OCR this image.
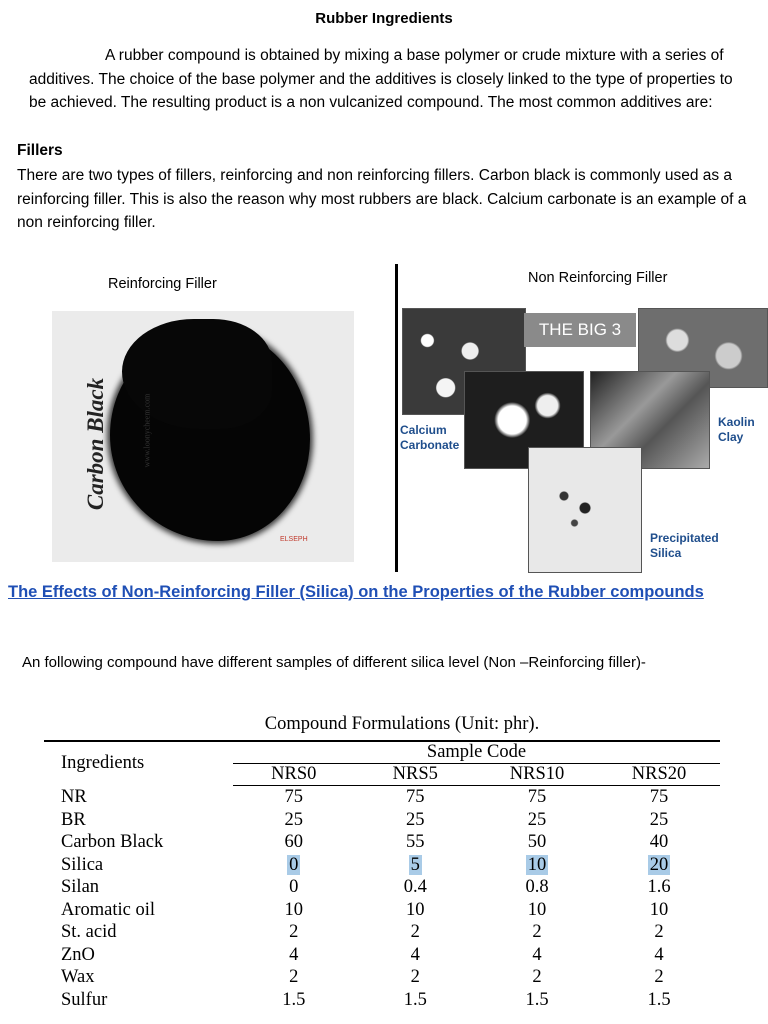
Rubber Ingredients
A rubber compound is obtained by mixing a base polymer or crude mixture with a series of additives. The choice of the base polymer and the additives is closely linked to the type of properties to be achieved. The resulting product is a non vulcanized compound. The most common additives are:
Fillers
There are two types of fillers, reinforcing and non reinforcing fillers. Carbon black is commonly used as a reinforcing filler. This is also the reason why most rubbers are black. Calcium carbonate is an example of a non reinforcing filler.
Reinforcing Filler	Non Reinforcing Filler
Carbon Black	www.loonycheem.com
ELSEPH
THE BIG 3
Calcium Carbonate
Kaolin Clay
Precipitated Silica
The Effects of Non-Reinforcing Filler (Silica) on the Properties of the Rubber compounds
An following compound have different samples of different silica level (Non –Reinforcing filler)-
Compound Formulations (Unit: phr).
Ingredients	Sample Code			
	NRS0	NRS5	NRS10	NRS20
NR	75	75	75	75
BR	25	25	25	25
Carbon Black	60	55	50	40
Silica	0	5	10	20
Silan	0	0.4	0.8	1.6
Aromatic oil	10	10	10	10
St. acid	2	2	2	2
ZnO	4	4	4	4
Wax	2	2	2	2
Sulfur	1.5	1.5	1.5	1.5
